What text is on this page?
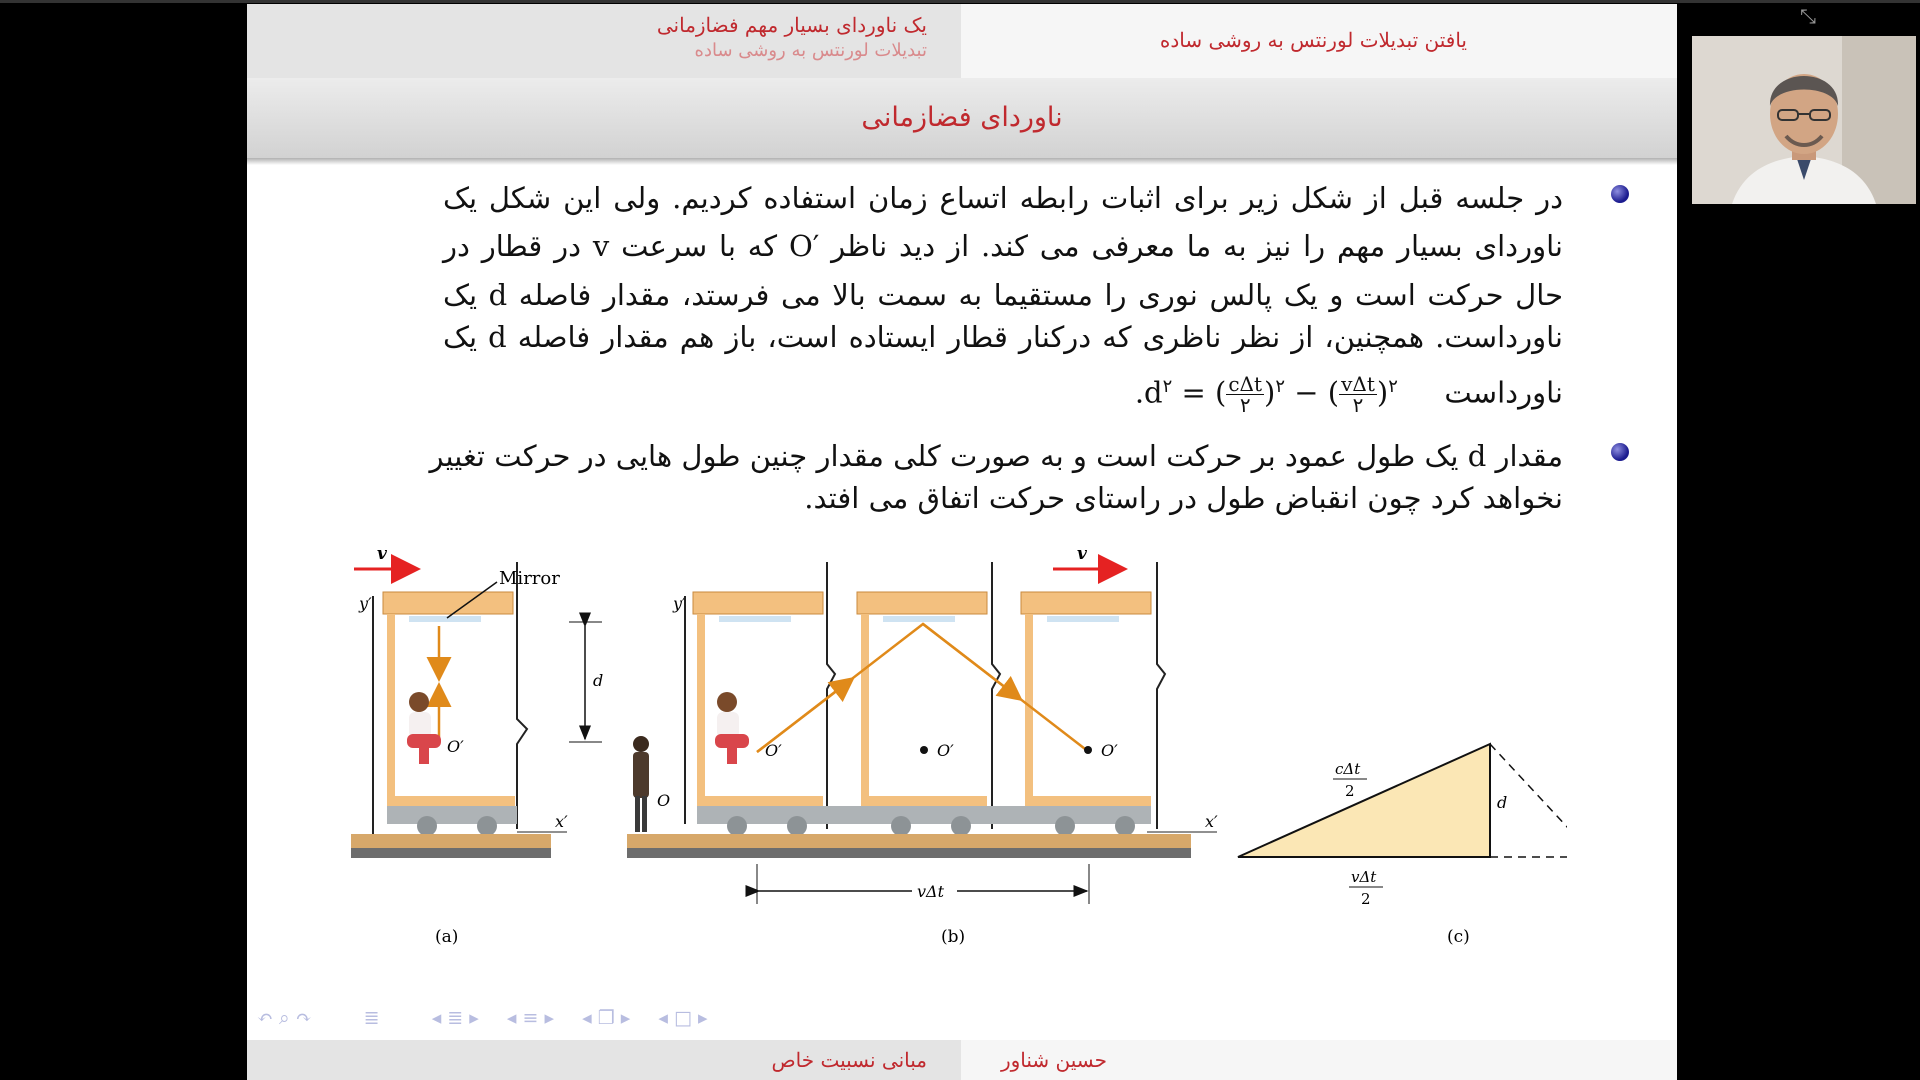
⤡
یک ناوردای بسیار مهم فضازمانی
تبدیلات لورنتس به روشی ساده	یافتن تبدیلات لورنتس به روشی ساده
ناوردای فضازمانی
در جلسه قبل از شکل زیر برای اثبات رابطه اتساع زمان استفاده کردیم. ولی این شکل یک
ناوردای بسیار مهم را نیز به ما معرفی می کند. از دید ناظر ′O که با سرعت v در قطار در
حال حرکت است و یک پالس نوری را مستقیما به سمت بالا می فرستد، مقدار فاصله d یک
ناورداست. همچنین، از نظر ناظری که درکنار قطار ایستاده است، باز هم مقدار فاصله d یک
ناورداست  $.d^۲$ = ( $\frac{\text{cΔt}}{۲} )^۲$ − ( $\frac{\text{vΔt}}{۲} )^۲$
مقدار d یک طول عمود بر حرکت است و به صورت کلی مقدار چنین طول هایی در حرکت تغییر
نخواهد کرد چون انقباض طول در راستای حرکت اتفاق می افتد.
v
y′
Mirror
d
O′
x′
(a)
v
y′
O′	O′	O′
O
x′
vΔt
(b)
d
cΔt
2
vΔt
2
(c)
↶ ⌕ ↷	≣	◂ ≣ ▸ ◂ ≡ ▸ ◂ ❐ ▸ ◂ □ ▸
مبانی نسبیت خاص	حسین شناور
